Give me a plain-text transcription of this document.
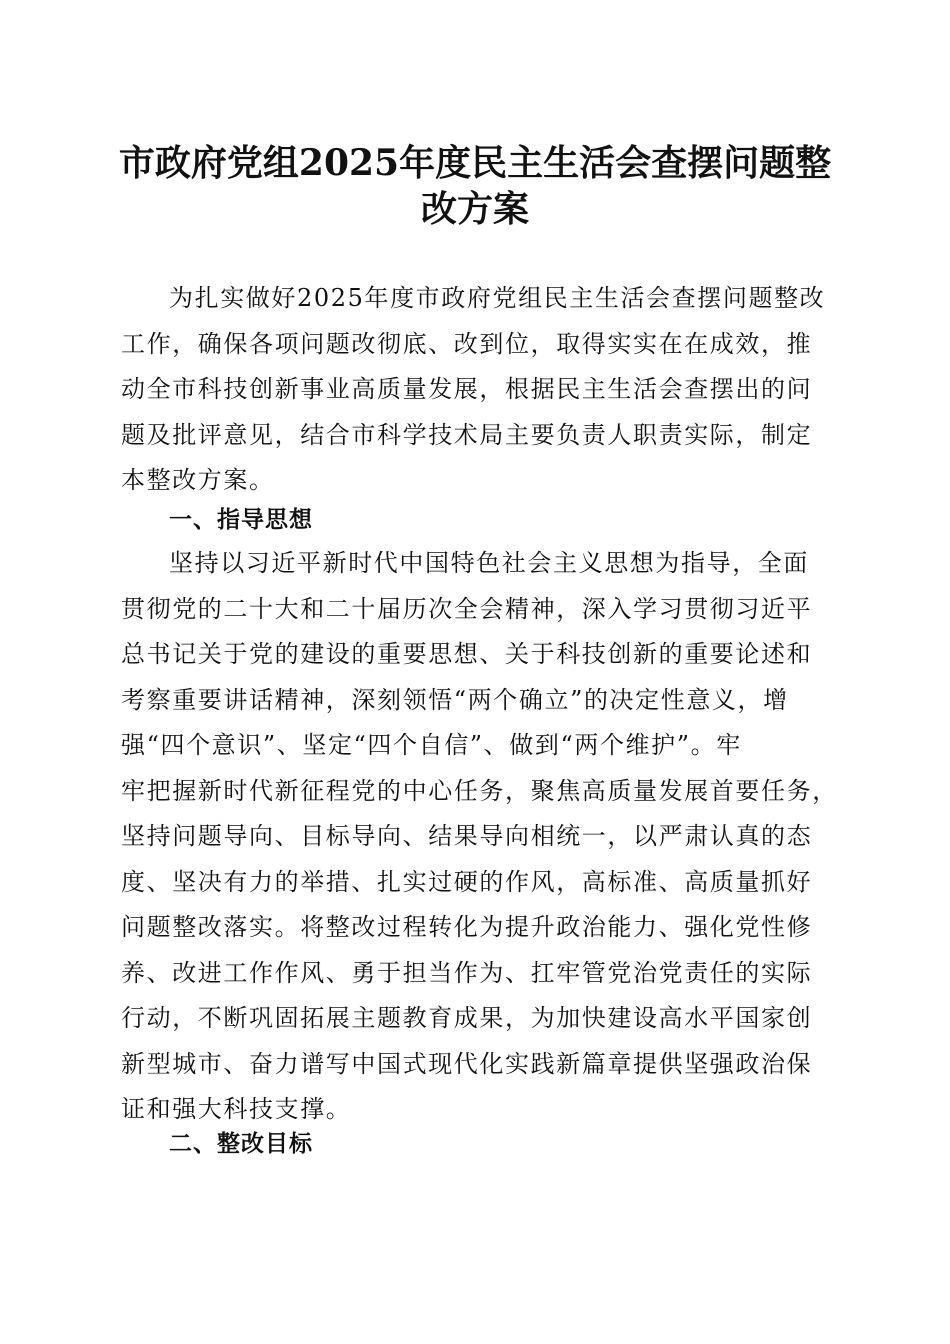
市政府党组2025年度民主生活会查摆问题整
改方案
为扎实做好2025年度市政府党组民主生活会查摆问题整改
工作，确保各项问题改彻底、改到位，取得实实在在成效，推
动全市科技创新事业高质量发展，根据民主生活会查摆出的问
题及批评意见，结合市科学技术局主要负责人职责实际，制定
本整改方案。
一、指导思想
坚持以习近平新时代中国特色社会主义思想为指导，全面
贯彻党的二十大和二十届历次全会精神，深入学习贯彻习近平
总书记关于党的建设的重要思想、关于科技创新的重要论述和
考察重要讲话精神，深刻领悟“两个确立”的决定性意义，增
强“四个意识”、坚定“四个自信”、做到“两个维护”。牢
牢把握新时代新征程党的中心任务，聚焦高质量发展首要任务，
坚持问题导向、目标导向、结果导向相统一，以严肃认真的态
度、坚决有力的举措、扎实过硬的作风，高标准、高质量抓好
问题整改落实。将整改过程转化为提升政治能力、强化党性修
养、改进工作作风、勇于担当作为、扛牢管党治党责任的实际
行动，不断巩固拓展主题教育成果，为加快建设高水平国家创
新型城市、奋力谱写中国式现代化实践新篇章提供坚强政治保
证和强大科技支撑。
二、整改目标
